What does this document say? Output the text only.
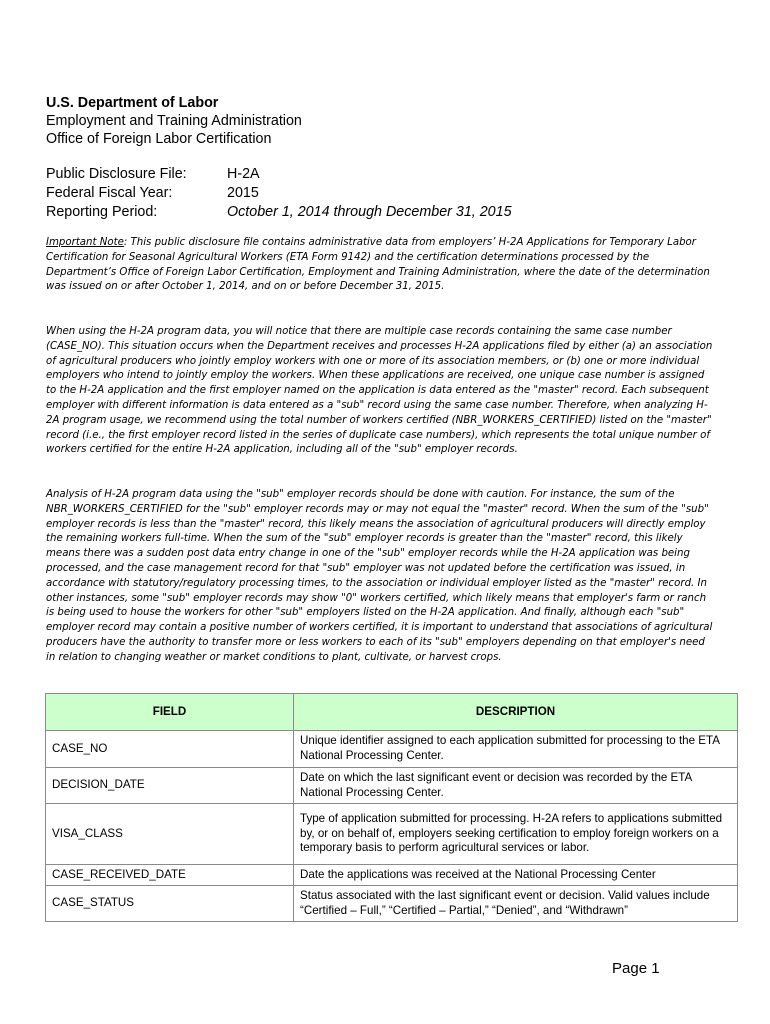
U.S. Department of Labor
Employment and Training Administration
Office of Foreign Labor Certification
Public Disclosure File:	H-2A
Federal Fiscal Year:	2015
Reporting Period:	October 1, 2014 through December 31, 2015

Important Note: This public disclosure file contains administrative data from employers’ H-2A Applications for Temporary Labor Certification for Seasonal Agricultural Workers (ETA Form 9142) and the certification determinations processed by the Department’s Office of Foreign Labor Certification, Employment and Training Administration, where the date of the determination was issued on or after October 1, 2014, and on or before December 31, 2015.

When using the H-2A program data, you will notice that there are multiple case records containing the same case number (CASE_NO). This situation occurs when the Department receives and processes H-2A applications filed by either (a) an association of agricultural producers who jointly employ workers with one or more of its association members, or (b) one or more individual employers who intend to jointly employ the workers. When these applications are received, one unique case number is assigned to the H-2A application and the first employer named on the application is data entered as the "master" record. Each subsequent employer with different information is data entered as a "sub" record using the same case number. Therefore, when analyzing H-2A program usage, we recommend using the total number of workers certified (NBR_WORKERS_CERTIFIED) listed on the "master" record (i.e., the first employer record listed in the series of duplicate case numbers), which represents the total unique number of workers certified for the entire H-2A application, including all of the "sub" employer records.

Analysis of H-2A program data using the "sub" employer records should be done with caution. For instance, the sum of the NBR_WORKERS_CERTIFIED for the "sub" employer records may or may not equal the "master" record. When the sum of the "sub" employer records is less than the "master" record, this likely means the association of agricultural producers will directly employ the remaining workers full-time. When the sum of the "sub" employer records is greater than the "master" record, this likely means there was a sudden post data entry change in one of the "sub" employer records while the H-2A application was being processed, and the case management record for that "sub" employer was not updated before the certification was issued, in accordance with statutory/regulatory processing times, to the association or individual employer listed as the "master" record. In other instances, some "sub" employer records may show "0" workers certified, which likely means that employer's farm or ranch is being used to house the workers for other "sub" employers listed on the H-2A application. And finally, although each "sub" employer record may contain a positive number of workers certified, it is important to understand that associations of agricultural producers have the authority to transfer more or less workers to each of its "sub" employers depending on that employer's need in relation to changing weather or market conditions to plant, cultivate, or harvest crops.

FIELD	DESCRIPTION
CASE_NO	Unique identifier assigned to each application submitted for processing to the ETA National Processing Center.
DECISION_DATE	Date on which the last significant event or decision was recorded by the ETA National Processing Center.
VISA_CLASS	Type of application submitted for processing. H-2A refers to applications submitted by, or on behalf of, employers seeking certification to employ foreign workers on a temporary basis to perform agricultural services or labor.
CASE_RECEIVED_DATE	Date the applications was received at the National Processing Center
CASE_STATUS	Status associated with the last significant event or decision. Valid values include “Certified – Full,” “Certified – Partial,” “Denied”, and “Withdrawn”
Page 1
